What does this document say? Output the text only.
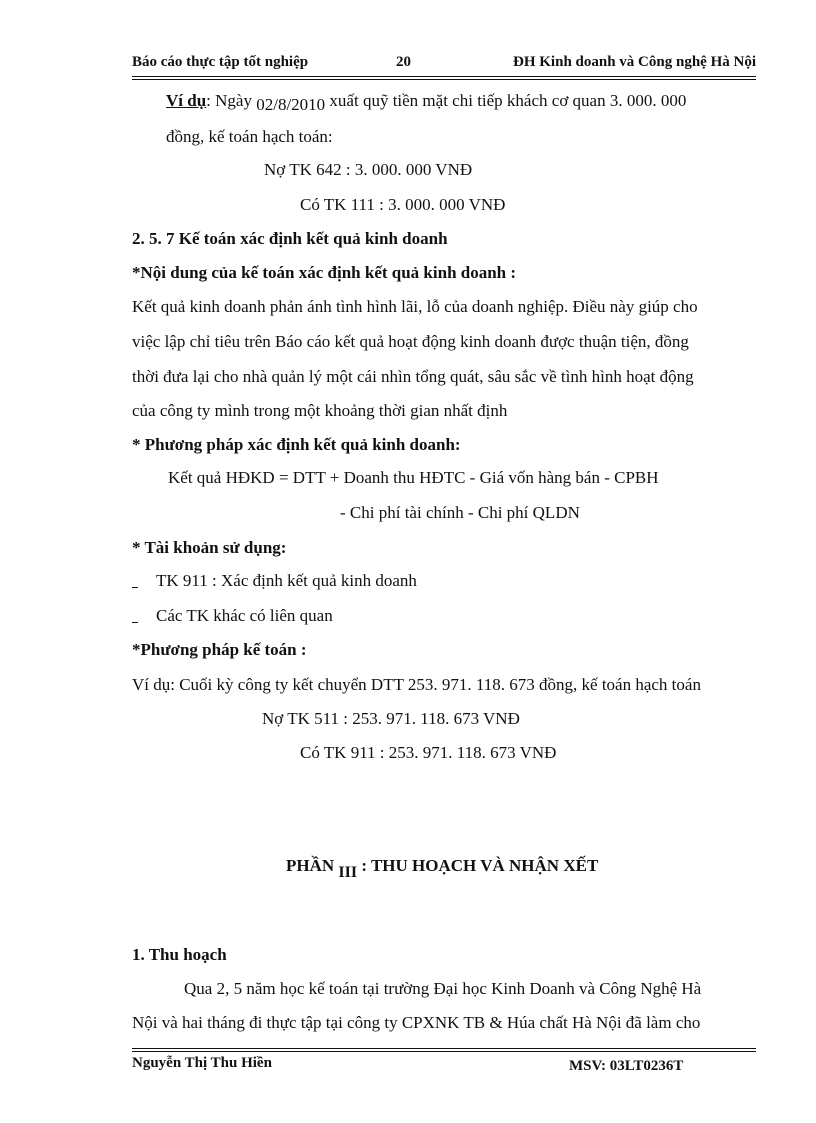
Báo cáo thực tập tốt nghiệp	20	ĐH Kinh doanh và Công nghệ Hà Nội
Ví dụ: Ngày 02/8/2010 xuất quỹ tiền mặt chi tiếp khách cơ quan 3. 000. 000
đồng, kế toán hạch toán:
Nợ TK 642 : 3. 000. 000 VNĐ
Có TK 111 : 3. 000. 000 VNĐ
2. 5. 7 Kế toán xác định kết quả kinh doanh
*Nội dung của kế toán xác định kết quả kinh doanh :
Kết quả kinh doanh phản ánh tình hình lãi, lỗ của doanh nghiệp. Điều này giúp cho
việc lập chỉ tiêu trên Báo cáo kết quả hoạt động kinh doanh được thuận tiện, đồng
thời đưa lại cho nhà quản lý một cái nhìn tổng quát, sâu sắc về tình hình hoạt động
của công ty mình trong một khoảng thời gian nhất định
* Phương pháp xác định kết quả kinh doanh:
Kết quả HĐKD = DTT + Doanh thu HĐTC - Giá vốn hàng bán - CPBH
- Chi phí tài chính - Chi phí QLDN
* Tài khoản sử dụng:
TK 911 : Xác định kết quả kinh doanh
Các TK khác có liên quan
*Phương pháp kế toán :
Ví dụ: Cuối kỳ công ty kết chuyển DTT 253. 971. 118. 673 đồng, kế toán hạch toán
Nợ TK 511 : 253. 971. 118. 673 VNĐ
Có TK 911 : 253. 971. 118. 673 VNĐ
PHẦN III : THU HOẠCH VÀ NHẬN XẾT
1. Thu hoạch
Qua 2, 5 năm học kế toán tại trường Đại học Kinh Doanh và Công Nghệ Hà
Nội và hai tháng đi thực tập tại công ty CPXNK TB & Húa chất Hà Nội đã làm cho
Nguyễn Thị Thu Hiền	MSV: 03LT0236T
